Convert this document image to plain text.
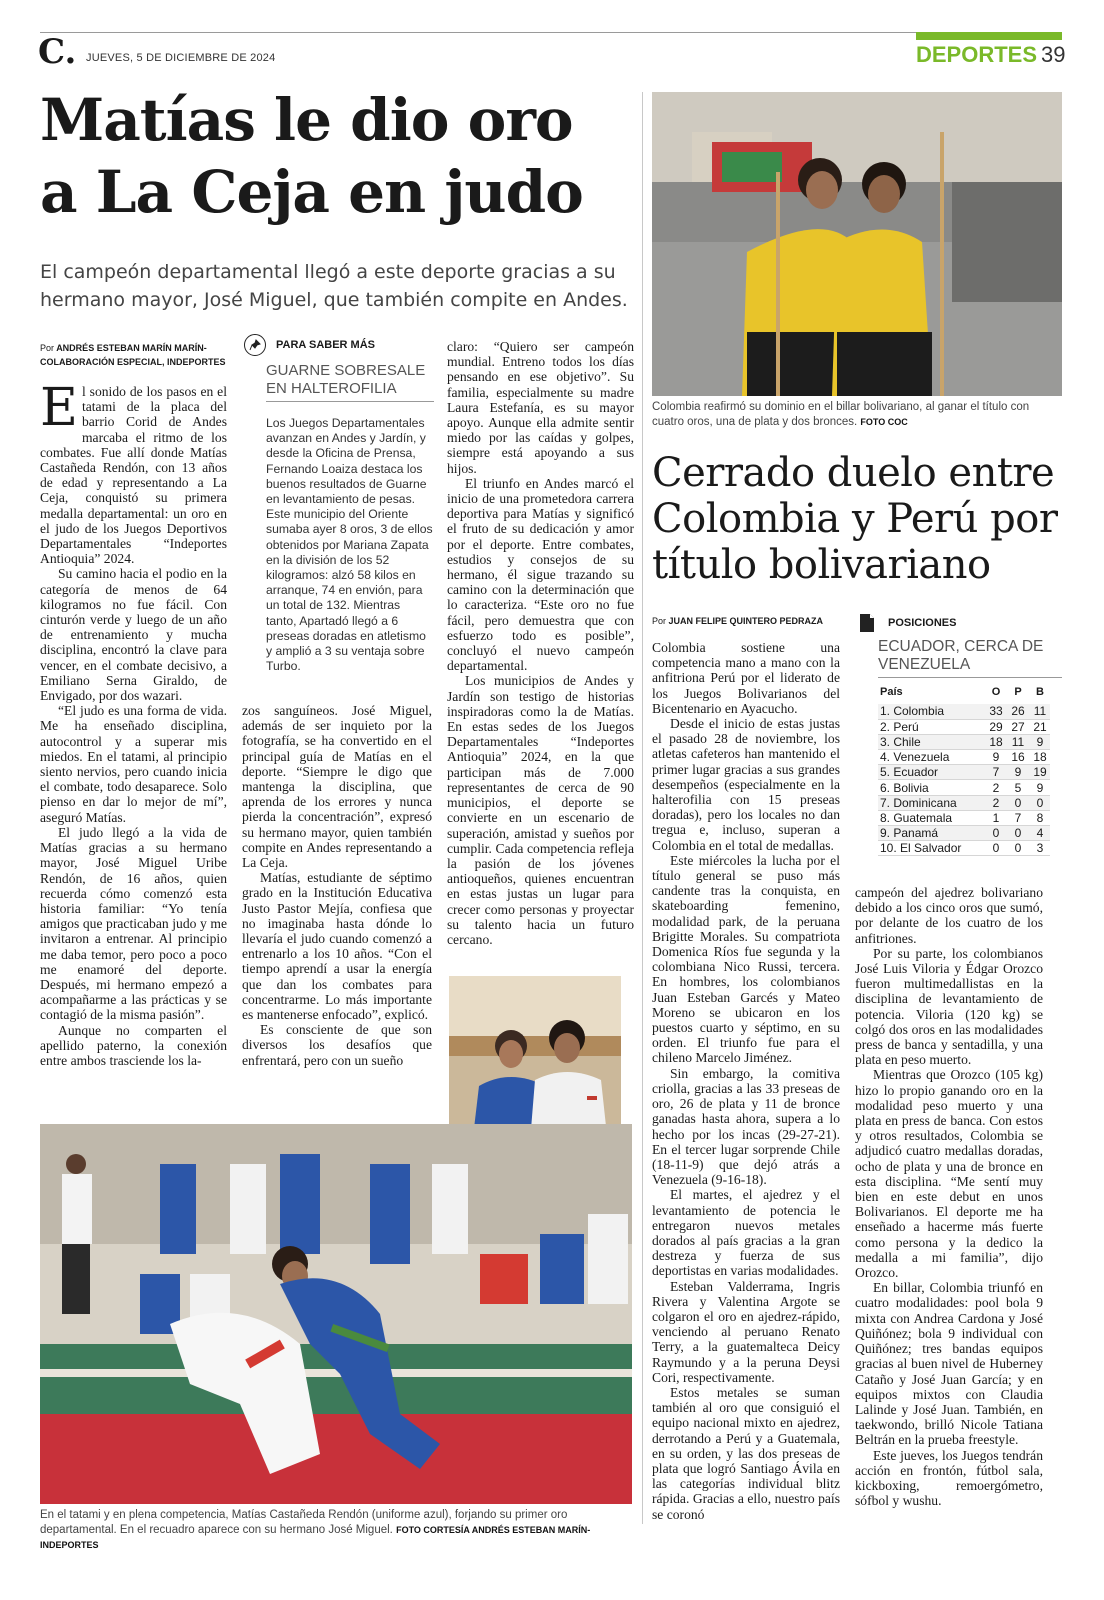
C. JUEVES, 5 DE DICIEMBRE DE 2024	DEPORTES 39
Matías le dio oro
a La Ceja en judo
El campeón departamental llegó a este deporte gracias a su hermano mayor, José Miguel, que también compite en Andes.
Por ANDRÉS ESTEBAN MARÍN MARÍN-
COLABORACIÓN ESPECIAL, INDEPORTES

El sonido de los pasos en el tatami de la placa del barrio Corid de Andes marcaba el ritmo de los combates. Fue allí donde Matías Castañeda Rendón, con 13 años de edad y representando a La Ceja, conquistó su primera medalla departamental: un oro en el judo de los Juegos Deportivos Departamentales “Indeportes Antioquia” 2024.

Su camino hacia el podio en la categoría de menos de 64 kilogramos no fue fácil. Con cinturón verde y luego de un año de entrenamiento y mucha disciplina, encontró la clave para vencer, en el combate decisivo, a Emiliano Serna Giraldo, de Envigado, por dos wazari.

“El judo es una forma de vida. Me ha enseñado disciplina, autocontrol y a superar mis miedos. En el tatami, al principio siento nervios, pero cuando inicia el combate, todo desaparece. Solo pienso en dar lo mejor de mí”, aseguró Matías.

El judo llegó a la vida de Matías gracias a su hermano mayor, José Miguel Uribe Rendón, de 16 años, quien recuerda cómo comenzó esta historia familiar: “Yo tenía amigos que practicaban judo y me invitaron a entrenar. Al principio me daba temor, pero poco a poco me enamoré del deporte. Después, mi hermano empezó a acompañarme a las prácticas y se contagió de la misma pasión”.

Aunque no comparten el apellido paterno, la conexión entre ambos trasciende los la-

PARA SABER MÁS
GUARNE SOBRESALE EN HALTEROFILIA
Los Juegos Departamentales avanzan en Andes y Jardín, y desde la Oficina de Prensa, Fernando Loaiza destaca los buenos resultados de Guarne en levantamiento de pesas. Este municipio del Oriente sumaba ayer 8 oros, 3 de ellos obtenidos por Mariana Zapata en la división de los 52 kilogramos: alzó 58 kilos en arranque, 74 en envión, para un total de 132. Mientras tanto, Apartadó llegó a 6 preseas doradas en atletismo y amplió a 3 su ventaja sobre Turbo.

zos sanguíneos. José Miguel, además de ser inquieto por la fotografía, se ha convertido en el principal guía de Matías en el deporte. “Siempre le digo que mantenga la disciplina, que aprenda de los errores y nunca pierda la concentración”, expresó su hermano mayor, quien también compite en Andes representando a La Ceja.

Matías, estudiante de séptimo grado en la Institución Educativa Justo Pastor Mejía, confiesa que no imaginaba hasta dónde lo llevaría el judo cuando comenzó a entrenarlo a los 10 años. “Con el tiempo aprendí a usar la energía que dan los combates para concentrarme. Lo más importante es mantenerse enfocado”, explicó.

Es consciente de que son diversos los desafíos que enfrentará, pero con un sueño

claro: “Quiero ser campeón mundial. Entreno todos los días pensando en ese objetivo”. Su familia, especialmente su madre Laura Estefanía, es su mayor apoyo. Aunque ella admite sentir miedo por las caídas y golpes, siempre está apoyando a sus hijos.

El triunfo en Andes marcó el inicio de una prometedora carrera deportiva para Matías y significó el fruto de su dedicación y amor por el deporte. Entre combates, estudios y consejos de su hermano, él sigue trazando su camino con la determinación que lo caracteriza. “Este oro no fue fácil, pero demuestra que con esfuerzo todo es posible”, concluyó el nuevo campeón departamental.

Los municipios de Andes y Jardín son testigo de historias inspiradoras como la de Matías. En estas sedes de los Juegos Departamentales “Indeportes Antioquia” 2024, en la que participan más de 7.000 representantes de cerca de 90 municipios, el deporte se convierte en un escenario de superación, amistad y sueños por cumplir. Cada competencia refleja la pasión de los jóvenes antioqueños, quienes encuentran en estas justas un lugar para crecer como personas y proyectar su talento hacia un futuro cercano.

En el tatami y en plena competencia, Matías Castañeda Rendón (uniforme azul), forjando su primer oro departamental. En el recuadro aparece con su hermano José Miguel. FOTO CORTESÍA ANDRÉS ESTEBAN MARÍN-INDEPORTES
Colombia reafirmó su dominio en el billar bolivariano, al ganar el título con cuatro oros, una de plata y dos bronces. FOTO COC
Cerrado duelo entre
Colombia y Perú por
título bolivariano
Por JUAN FELIPE QUINTERO PEDRAZA

Colombia sostiene una competencia mano a mano con la anfitriona Perú por el liderato de los Juegos Bolivarianos del Bicentenario en Ayacucho.

Desde el inicio de estas justas el pasado 28 de noviembre, los atletas cafeteros han mantenido el primer lugar gracias a sus grandes desempeños (especialmente en la halterofilia con 15 preseas doradas), pero los locales no dan tregua e, incluso, superan a Colombia en el total de medallas.

Este miércoles la lucha por el título general se puso más candente tras la conquista, en skateboarding femenino, modalidad park, de la peruana Brigitte Morales. Su compatriota Domenica Ríos fue segunda y la colombiana Nico Russi, tercera. En hombres, los colombianos Juan Esteban Garcés y Mateo Moreno se ubicaron en los puestos cuarto y séptimo, en su orden. El triunfo fue para el chileno Marcelo Jiménez.

Sin embargo, la comitiva criolla, gracias a las 33 preseas de oro, 26 de plata y 11 de bronce ganadas hasta ahora, supera a lo hecho por los incas (29-27-21). En el tercer lugar sorprende Chile (18-11-9) que dejó atrás a Venezuela (9-16-18).

El martes, el ajedrez y el levantamiento de potencia le entregaron nuevos metales dorados al país gracias a la gran destreza y fuerza de sus deportistas en varias modalidades.

Esteban Valderrama, Ingris Rivera y Valentina Argote se colgaron el oro en ajedrez-rápido, venciendo al peruano Renato Terry, a la guatemalteca Deicy Raymundo y a la peruna Deysi Cori, respectivamente.

Estos metales se suman también al oro que consiguió el equipo nacional mixto en ajedrez, derrotando a Perú y a Guatemala, en su orden, y las dos preseas de plata que logró Santiago Ávila en las categorías individual blitz rápida. Gracias a ello, nuestro país se coronó

POSICIONES
ECUADOR, CERCA DE VENEZUELA
País	O	P	B
1. Colombia	33	26	11
2. Perú	29	27	21
3. Chile	18	11	9
4. Venezuela	9	16	18
5. Ecuador	7	9	19
6. Bolivia	2	5	9
7. Dominicana	2	0	0
8. Guatemala	1	7	8
9. Panamá	0	0	4
10. El Salvador	0	0	3

campeón del ajedrez bolivariano debido a los cinco oros que sumó, por delante de los cuatro de los anfitriones.

Por su parte, los colombianos José Luis Viloria y Édgar Orozco fueron multimedallistas en la disciplina de levantamiento de potencia. Viloria (120 kg) se colgó dos oros en las modalidades press de banca y sentadilla, y una plata en peso muerto.

Mientras que Orozco (105 kg) hizo lo propio ganando oro en la modalidad peso muerto y una plata en press de banca. Con estos y otros resultados, Colombia se adjudicó cuatro medallas doradas, ocho de plata y una de bronce en esta disciplina. “Me sentí muy bien en este debut en unos Bolivarianos. El deporte me ha enseñado a hacerme más fuerte como persona y la dedico la medalla a mi familia”, dijo Orozco.

En billar, Colombia triunfó en cuatro modalidades: pool bola 9 mixta con Andrea Cardona y José Quiñónez; bola 9 individual con Quiñónez; tres bandas equipos gracias al buen nivel de Huberney Cataño y José Juan García; y en equipos mixtos con Claudia Lalinde y José Juan. También, en taekwondo, brilló Nicole Tatiana Beltrán en la prueba freestyle.

Este jueves, los Juegos tendrán acción en frontón, fútbol sala, kickboxing, remoergómetro, sófbol y wushu.
